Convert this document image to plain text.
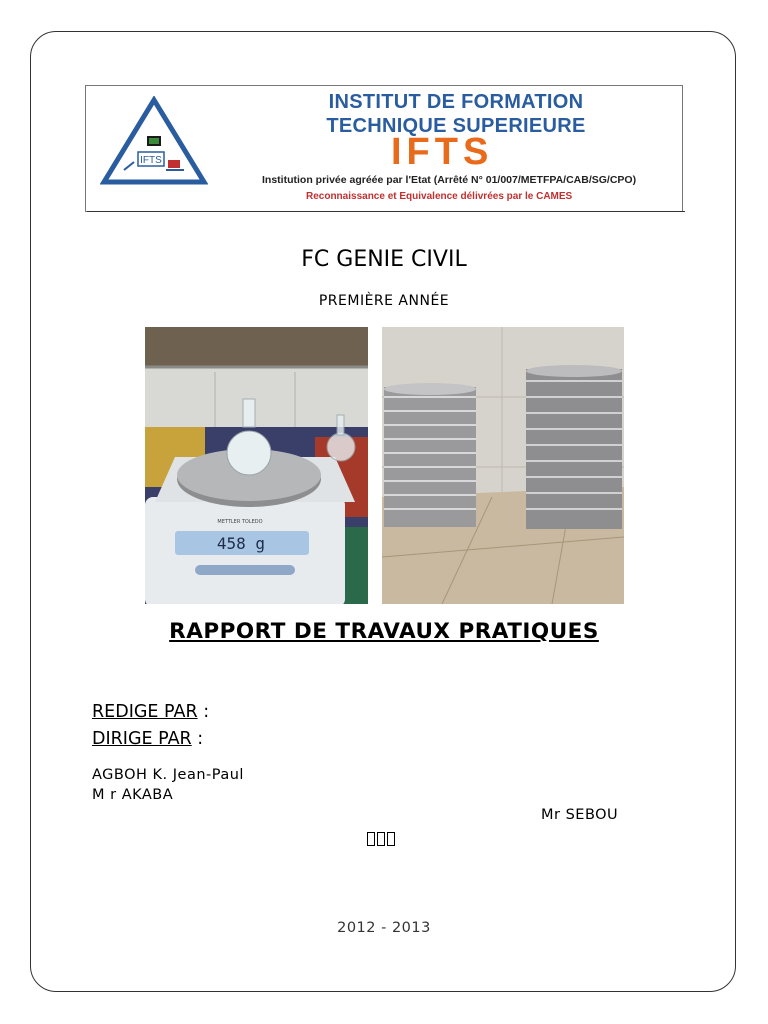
IFTS
INSTITUT DE FORMATION
TECHNIQUE SUPERIEURE
IFTS
Institution privée agréée par l'Etat (Arrêté N° 01/007/METFPA/CAB/SG/CPO)
Reconnaissance et Equivalence délivrées par le CAMES
FC GENIE CIVIL
PREMIÈRE ANNÉE
METTLER TOLEDO
458 g
RAPPORT DE TRAVAUX PRATIQUES
REDIGE PAR :
DIRIGE PAR :
AGBOH K. Jean-Paul
M r AKABA
Mr SEBOU
2012 - 2013
